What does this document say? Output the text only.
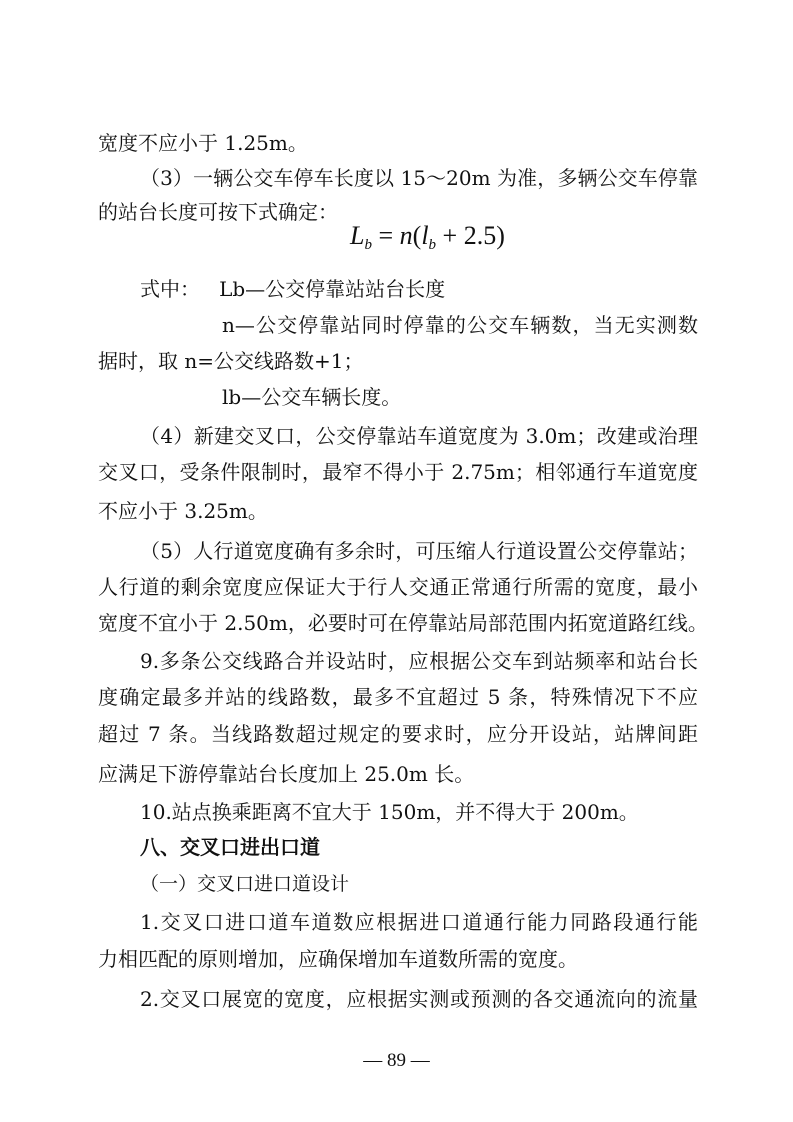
宽度不应小于 1.25m。
（3）一辆公交车停车长度以 15～20m 为准，多辆公交车停靠
的站台长度可按下式确定：
$L_b = n(l_b + 2.5)$
式中：   Lb—公交停靠站站台长度
n—公交停靠站同时停靠的公交车辆数，当无实测数
据时，取 n=公交线路数+1；
lb—公交车辆长度。
（4）新建交叉口，公交停靠站车道宽度为 3.0m；改建或治理
交叉口，受条件限制时，最窄不得小于 2.75m；相邻通行车道宽度
不应小于 3.25m。
（5）人行道宽度确有多余时，可压缩人行道设置公交停靠站；
人行道的剩余宽度应保证大于行人交通正常通行所需的宽度，最小
宽度不宜小于 2.50m，必要时可在停靠站局部范围内拓宽道路红线。
9.多条公交线路合并设站时，应根据公交车到站频率和站台长
度确定最多并站的线路数，最多不宜超过 5 条，特殊情况下不应
超过 7 条。当线路数超过规定的要求时，应分开设站，站牌间距
应满足下游停靠站台长度加上 25.0m 长。
10.站点换乘距离不宜大于 150m，并不得大于 200m。
八、交叉口进出口道
（一）交叉口进口道设计
1.交叉口进口道车道数应根据进口道通行能力同路段通行能
力相匹配的原则增加，应确保增加车道数所需的宽度。
2.交叉口展宽的宽度，应根据实测或预测的各交通流向的流量
— 89 —
